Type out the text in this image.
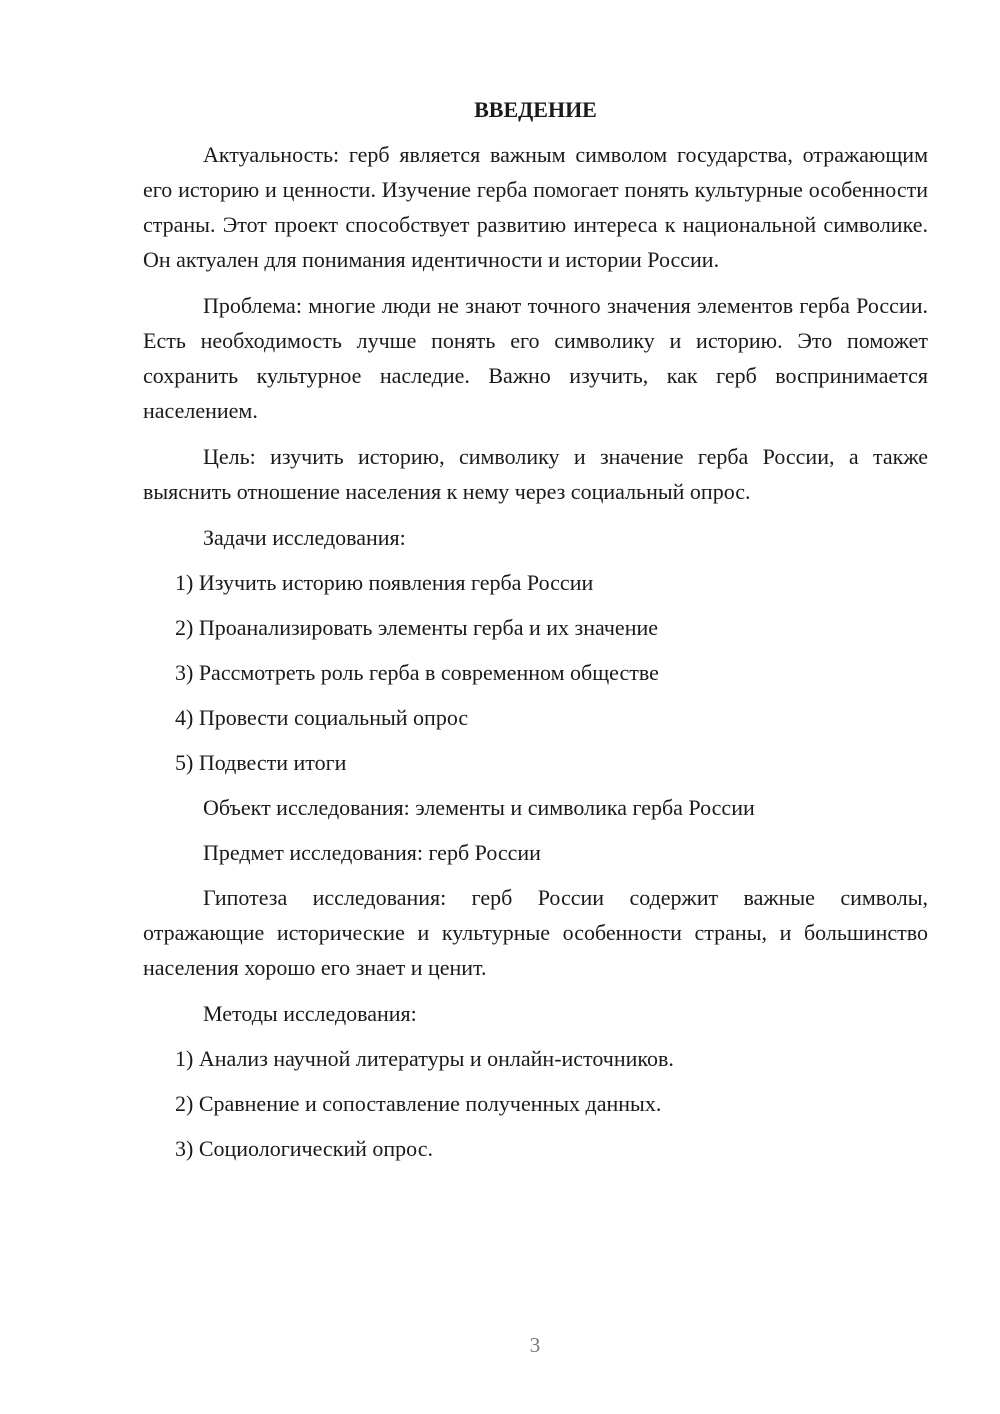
ВВЕДЕНИЕ

Актуальность: герб является важным символом государства, отражающим его историю и ценности. Изучение герба помогает понять культурные особенности страны. Этот проект способствует развитию интереса к национальной символике. Он актуален для понимания идентичности и истории России.

Проблема: многие люди не знают точного значения элементов герба России. Есть необходимость лучше понять его символику и историю. Это поможет сохранить культурное наследие. Важно изучить, как герб воспринимается населением.

Цель: изучить историю, символику и значение герба России, а также выяснить отношение населения к нему через социальный опрос.

Задачи исследования:
1) Изучить историю появления герба России
2) Проанализировать элементы герба и их значение
3) Рассмотреть роль герба в современном обществе
4) Провести социальный опрос
5) Подвести итоги
Объект исследования: элементы и символика герба России
Предмет исследования: герб России

Гипотеза исследования: герб России содержит важные символы, отражающие исторические и культурные особенности страны, и большинство населения хорошо его знает и ценит.

Методы исследования:
1) Анализ научной литературы и онлайн-источников.
2) Сравнение и сопоставление полученных данных.
3) Социологический опрос.
3
